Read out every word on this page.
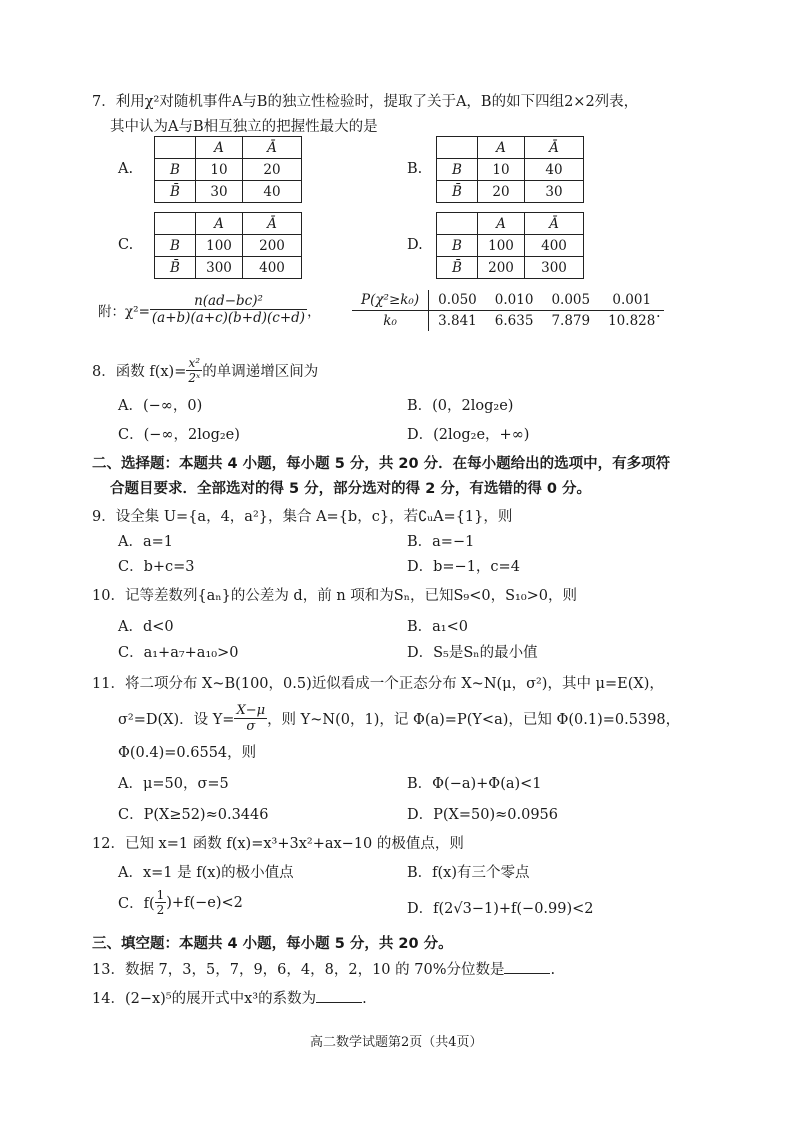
7．利用χ²对随机事件A与B的独立性检验时，提取了关于A，B的如下四组2×2列表，
其中认为A与B相互独立的把握性最大的是
A.
	A	Ā
B	10	20
B̄	30	40
B.
	A	Ā
B	10	40
B̄	20	30
C.
	A	Ā
B	100	200
B̄	300	400
D.
	A	Ā
B	100	400
B̄	200	300
附：$\chi^2= \frac{\text{n(ad−bc)²}}{(a+b)(a+c)(b+d)(c+d)}$ ，
P(χ²≥k₀)	0.050	0.010	0.005	0.001
k₀	3.841	6.635	7.879	10.828 .
8．函数 $f(x)= \frac{\text{x²}}{\text{2ˣ}}$ 的单调递增区间为
A．(−∞，0)	B．(0，2log₂e)
C．(−∞，2log₂e)	D．(2log₂e，+∞)
二、选择题：本题共 4 小题，每小题 5 分，共 20 分．在每小题给出的选项中，有多项符
合题目要求．全部选对的得 5 分，部分选对的得 2 分，有选错的得 0 分。
9．设全集 U={a，4，a²}，集合 A={b，c}，若∁ᵤA={1}，则
A．a=1	B．a=−1
C．b+c=3	D．b=−1，c=4
10．记等差数列{aₙ}的公差为 d，前 n 项和为Sₙ，已知S₉<0，S₁₀>0，则
A．d<0	B．a₁<0
C．a₁+a₇+a₁₀>0	D．S₅是Sₙ的最小值
11．将二项分布 X~B(100，0.5)近似看成一个正态分布 X~N(μ，σ²)，其中 μ=E(X)，
σ²=D(X)．设 $Y= \frac{X-\mu}{\sigma}$ ，则 Y~N(0，1)，记 Φ(a)=P(Y<a)，已知 Φ(0.1)=0.5398，
Φ(0.4)=0.6554，则
A．μ=50，σ=5	B．Φ(−a)+Φ(a)<1
C．P(X≥52)≈0.3446	D．P(X=50)≈0.0956
12．已知 x=1 函数 f(x)=x³+3x²+ax−10 的极值点，则
A．x=1 是 f(x)的极小值点	B．f(x)有三个零点
C．$f( \frac{1}{2} )+f(-e)<2$	D．f(2√3−1)+f(−0.99)<2
三、填空题：本题共 4 小题，每小题 5 分，共 20 分。
13．数据 7，3，5，7，9，6，4，8，2，10 的 70%分位数是	.
14．(2−x)⁵的展开式中x³的系数为	.
高二数学试题第2页（共4页）
